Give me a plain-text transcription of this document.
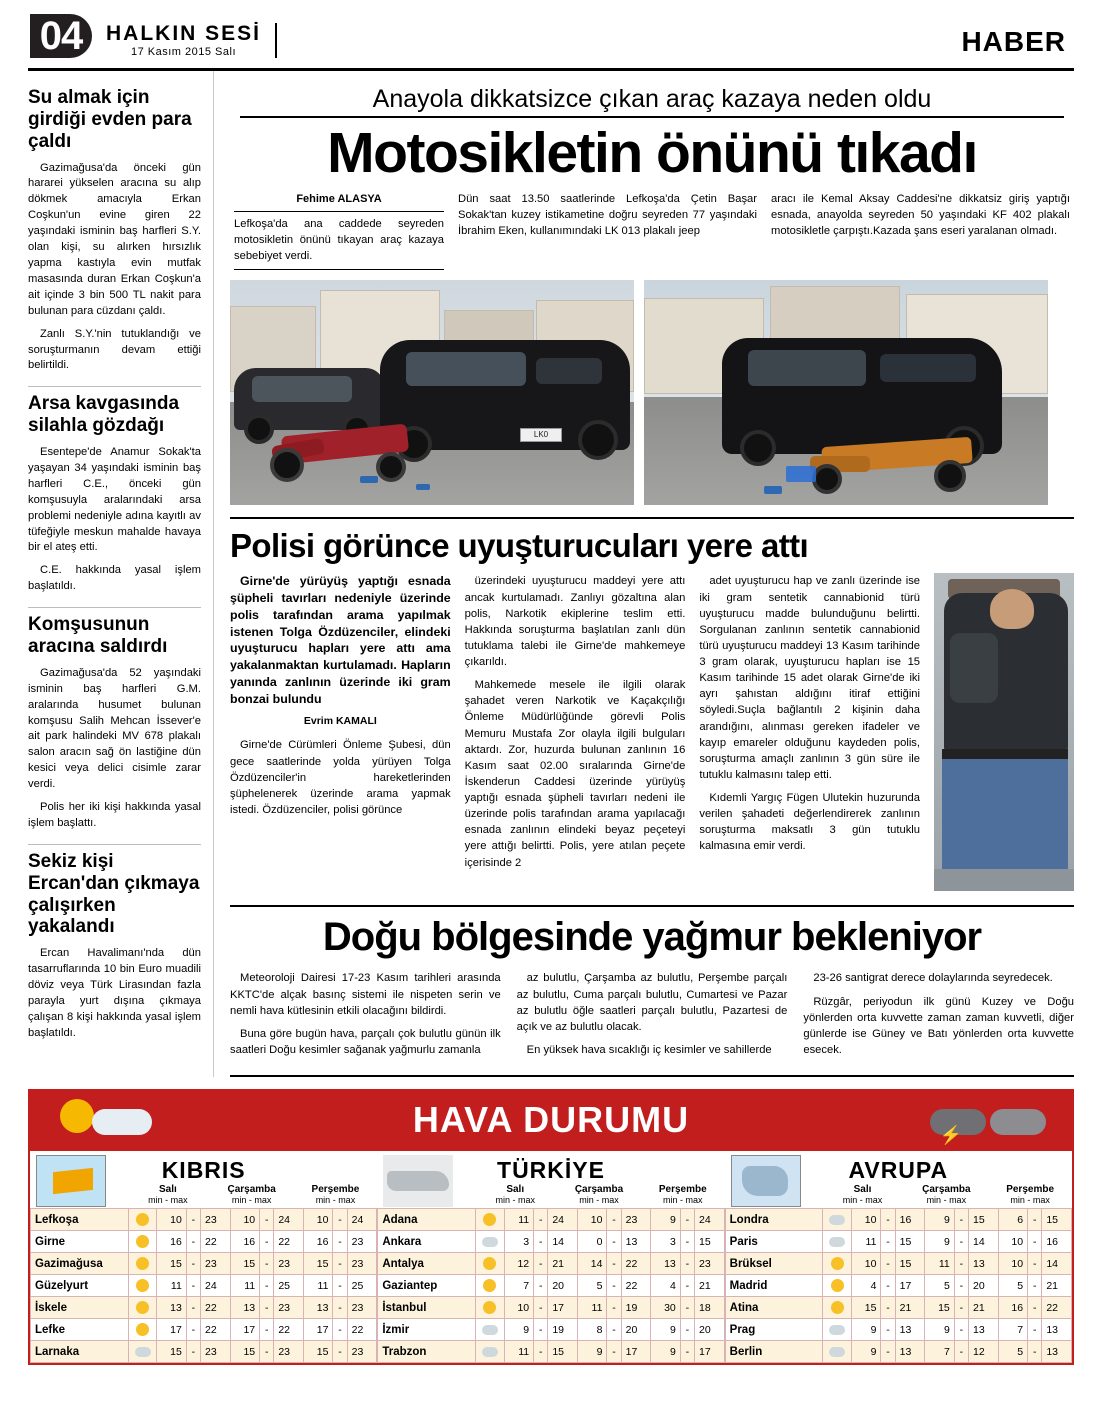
04	HALKIN SESİ
17 Kasım 2015 Salı	HABER
Su almak için girdiği evden para çaldı

Gazimağusa'da önceki gün hararei yükselen aracına su alıp dökmek amacıyla Erkan Coşkun'un evine giren 22 yaşındaki isminin baş harfleri S.Y. olan kişi, su alırken hırsızlık yapma kastıyla evin mutfak masasında duran Erkan Coşkun'a ait içinde 3 bin 500 TL nakit para bulunan para cüzdanı çaldı.

Zanlı S.Y.'nin tutuklandığı ve soruşturmanın devam ettiği belirtildi.

Arsa kavgasında silahla gözdağı

Esentepe'de Anamur Sokak'ta yaşayan 34 yaşındaki isminin baş harfleri C.E., önceki gün komşusuyla aralarındaki arsa problemi nedeniyle adına kayıtlı av tüfeğiyle meskun mahalde havaya bir el ateş etti.

C.E. hakkında yasal işlem başlatıldı.

Komşusunun aracına saldırdı

Gazimağusa'da 52 yaşındaki isminin baş harfleri G.M. aralarında husumet bulunan komşusu Salih Mehcan İssever'e ait park halindeki MV 678 plakalı salon aracın sağ ön lastiğine dün kesici veya delici cisimle zarar verdi.

Polis her iki kişi hakkında yasal işlem başlattı.

Sekiz kişi Ercan'dan çıkmaya çalışırken yakalandı

Ercan Havalimanı'nda dün tasarruflarında 10 bin Euro muadili döviz veya Türk Lirasından fazla parayla yurt dışına çıkmaya çalışan 8 kişi hakkında yasal işlem başlatıldı.

Anayola dikkatsizce çıkan araç kazaya neden oldu
Motosikletin önünü tıkadı
Fehime ALASYA
Lefkoşa'da ana caddede seyreden motosikletin önünü tıkayan araç kazaya sebebiyet verdi.
Dün saat 13.50 saatlerinde Lefkoşa'da Çetin Başar Sokak'tan kuzey istikametine doğru seyreden 77 yaşındaki İbrahim Eken, kullanımındaki LK 013 plakalı jeep
aracı ile Kemal Aksay Caddesi'ne dikkatsiz giriş yaptığı esnada, anayolda seyreden 50 yaşındaki KF 402 plakalı motosikletle çarpıştı.Kazada şans eseri yaralanan olmadı.
LK0
Polisi görünce uyuşturucuları yere attı

Girne'de yürüyüş yaptığı esnada şüpheli tavırları nedeniyle üzerinde polis tarafından arama yapılmak istenen Tolga Özdüzenciler, elindeki uyuşturucu hapları yere attı ama yakalanmaktan kurtulamadı. Hapların yanında zanlının üzerinde iki gram bonzai bulundu

Evrim KAMALI

Girne'de Cürümleri Önleme Şubesi, dün gece saatlerinde yolda yürüyen Tolga Özdüzenciler'in hareketlerinden şüphelenerek üzerinde arama yapmak istedi. Özdüzenciler, polisi görünce

üzerindeki uyuşturucu maddeyi yere attı ancak kurtulamadı. Zanlıyı gözaltına alan polis, Narkotik ekiplerine teslim etti. Hakkında soruşturma başlatılan zanlı dün tutuklama talebi ile Girne'de mahkemeye çıkarıldı.

Mahkemede mesele ile ilgili olarak şahadet veren Narkotik ve Kaçakçılığı Önleme Müdürlüğünde görevli Polis Memuru Mustafa Zor olayla ilgili bulguları aktardı. Zor, huzurda bulunan zanlının 16 Kasım saat 02.00 sıralarında Girne'de İskenderun Caddesi üzerinde yürüyüş yaptığı esnada şüpheli tavırları nedeni ile üzerinde polis tarafından arama yapılacağı esnada zanlının elindeki beyaz peçeteyi yere attığı belirtti. Polis, yere atılan peçete içerisinde 2

adet uyuşturucu hap ve zanlı üzerinde ise iki gram sentetik cannabionid türü uyuşturucu madde bulunduğunu belirtti. Sorgulanan zanlının sentetik cannabionid türü uyuşturucu maddeyi 13 Kasım tarihinde 3 gram olarak, uyuşturucu hapları ise 15 Kasım tarihinde 15 adet olarak Girne'de iki ayrı şahıstan aldığını itiraf ettiğini söyledi.Suçla bağlantılı 2 kişinin daha arandığını, alınması gereken ifadeler ve kayıp emareler olduğunu kaydeden polis, soruşturma amaçlı zanlının 3 gün süre ile tutuklu kalmasını talep etti.

Kıdemli Yargıç Fügen Ulutekin huzurunda verilen şahadeti değerlendirerek zanlının soruşturma maksatlı 3 gün tutuklu kalmasına emir verdi.

Doğu bölgesinde yağmur bekleniyor

Meteoroloji Dairesi 17-23 Kasım tarihleri arasında KKTC'de alçak basınç sistemi ile nispeten serin ve nemli hava kütlesinin etkili olacağını bildirdi.

Buna göre bugün hava, parçalı çok bulutlu günün ilk saatleri Doğu kesimler sağanak yağmurlu zamanla

az bulutlu, Çarşamba az bulutlu, Perşembe parçalı az bulutlu, Cuma parçalı bulutlu, Cumartesi ve Pazar az bulutlu öğle saatleri parçalı bulutlu, Pazartesi de açık ve az bulutlu olacak.

En yüksek hava sıcaklığı iç kesimler ve sahillerde

23-26 santigrat derece dolaylarında seyredecek.

Rüzgâr, periyodun ilk günü Kuzey ve Doğu yönlerden orta kuvvette zaman zaman kuvvetli, diğer günlerde ise Güney ve Batı yönlerden orta kuvvette esecek.

⚡
HAVA DURUMU
KIBRIS
Salı
min - max
Çarşamba
min - max
Perşembe
min - max
TÜRKİYE
Salı
min - max
Çarşamba
min - max
Perşembe
min - max
AVRUPA
Salı
min - max
Çarşamba
min - max
Perşembe
min - max
Lefkoşa		10	-	23	10	-	24	10	-	24
Girne		16	-	22	16	-	22	16	-	23
Gazimağusa		15	-	23	15	-	23	15	-	23
Güzelyurt		11	-	24	11	-	25	11	-	25
İskele		13	-	22	13	-	23	13	-	23
Lefke		17	-	22	17	-	22	17	-	22
Larnaka		15	-	23	15	-	23	15	-	23
Adana		11	-	24	10	-	23	9	-	24
Ankara		3	-	14	0	-	13	3	-	15
Antalya		12	-	21	14	-	22	13	-	23
Gaziantep		7	-	20	5	-	22	4	-	21
İstanbul		10	-	17	11	-	19	30	-	18
İzmir		9	-	19	8	-	20	9	-	20
Trabzon		11	-	15	9	-	17	9	-	17
Londra		10	-	16	9	-	15	6	-	15
Paris		11	-	15	9	-	14	10	-	16
Brüksel		10	-	15	11	-	13	10	-	14
Madrid		4	-	17	5	-	20	5	-	21
Atina		15	-	21	15	-	21	16	-	22
Prag		9	-	13	9	-	13	7	-	13
Berlin		9	-	13	7	-	12	5	-	13
